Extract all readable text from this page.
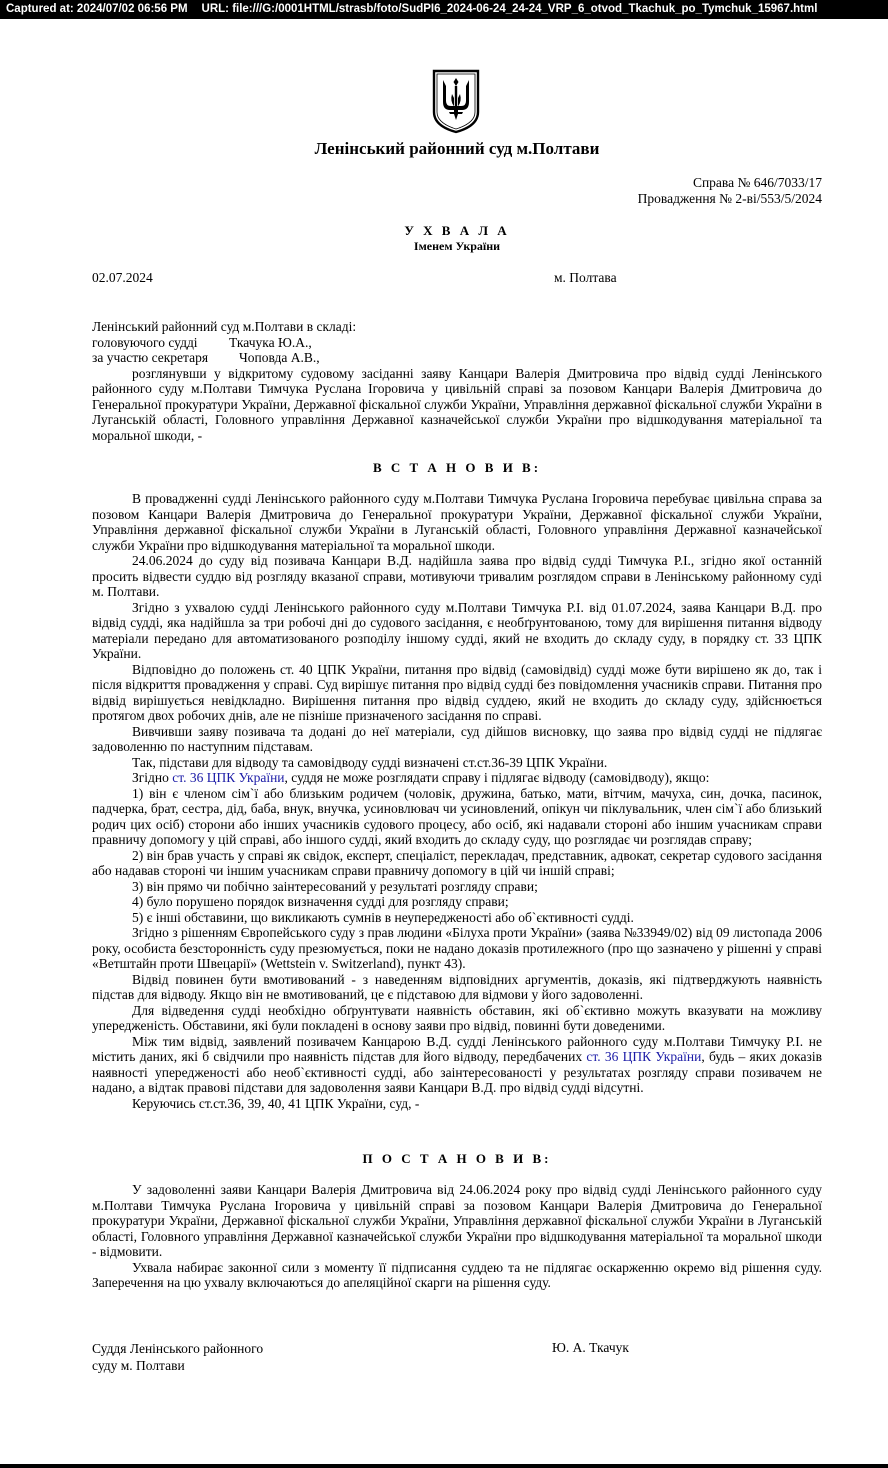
Captured at: 2024/07/02 06:56 PM URL: file:///G:/0001HTML/strasb/foto/SudPI6_2024-06-24_24-24_VRP_6_otvod_Tkachuk_po_Tymchuk_15967.html
Ленінський районний суд м.Полтави
Справа № 646/7033/17
Провадження № 2-ві/553/5/2024
У Х В А Л А
Іменем України
02.07.2024	м. Полтава

Ленінський районний суд м.Полтави в складі:

головуючого судді Ткачука Ю.А.,

за участю секретаря Чоповда А.В.,

розглянувши у відкритому судовому засіданні заяву Канцари Валерія Дмитровича про відвід судді Ленінського районного суду м.Полтави Тимчука Руслана Ігоровича у цивільній справі за позовом Канцари Валерія Дмитровича до Генеральної прокуратури України, Державної фіскальної служби України, Управління державної фіскальної служби України в Луганській області, Головного управління Державної казначейської служби України про відшкодування матеріальної та моральної шкоди, -

В С Т А Н О В И В:

В провадженні судді Ленінського районного суду м.Полтави Тимчука Руслана Ігоровича перебуває цивільна справа за позовом Канцари Валерія Дмитровича до Генеральної прокуратури України, Державної фіскальної служби України, Управління державної фіскальної служби України в Луганській області, Головного управління Державної казначейської служби України про відшкодування матеріальної та моральної шкоди.

24.06.2024 до суду від позивача Канцари В.Д. надійшла заява про відвід судді Тимчука Р.І., згідно якої останній просить відвести суддю від розгляду вказаної справи, мотивуючи тривалим розглядом справи в Ленінському районному суді м. Полтави.

Згідно з ухвалою судді Ленінського районного суду м.Полтави Тимчука Р.І. від 01.07.2024, заява Канцари В.Д. про відвід судді, яка надійшла за три робочі дні до судового засідання, є необґрунтованою, тому для вирішення питання відводу матеріали передано для автоматизованого розподілу іншому судді, який не входить до складу суду, в порядку ст. 33 ЦПК України.

Відповідно до положень ст. 40 ЦПК України, питання про відвід (самовідвід) судді може бути вирішено як до, так і після відкриття провадження у справі. Суд вирішує питання про відвід судді без повідомлення учасників справи. Питання про відвід вирішується невідкладно. Вирішення питання про відвід суддею, який не входить до складу суду, здійснюється протягом двох робочих днів, але не пізніше призначеного засідання по справі.

Вивчивши заяву позивача та додані до неї матеріали, суд дійшов висновку, що заява про відвід судді не підлягає задоволенню по наступним підставам.

Так, підстави для відводу та самовідводу судді визначені ст.ст.36-39 ЦПК України.

Згідно ст. 36 ЦПК України, суддя не може розглядати справу і підлягає відводу (самовідводу), якщо:

1) він є членом сім`ї або близьким родичем (чоловік, дружина, батько, мати, вітчим, мачуха, син, дочка, пасинок, падчерка, брат, сестра, дід, баба, внук, внучка, усиновлювач чи усиновлений, опікун чи піклувальник, член сім`ї або близький родич цих осіб) сторони або інших учасників судового процесу, або осіб, які надавали стороні або іншим учасникам справи правничу допомогу у цій справі, або іншого судді, який входить до складу суду, що розглядає чи розглядав справу;

2) він брав участь у справі як свідок, експерт, спеціаліст, перекладач, представник, адвокат, секретар судового засідання або надавав стороні чи іншим учасникам справи правничу допомогу в цій чи іншій справі;

3) він прямо чи побічно заінтересований у результаті розгляду справи;

4) було порушено порядок визначення судді для розгляду справи;

5) є інші обставини, що викликають сумнів в неупередженості або об`єктивності судді.

Згідно з рішенням Європейського суду з прав людини «Білуха проти України» (заява №33949/02) від 09 листопада 2006 року, особиста безсторонність суду презюмується, поки не надано доказів протилежного (про що зазначено у рішенні у справі «Ветштайн проти Швецарії» (Wettstein v. Switzerland), пункт 43).

Відвід повинен бути вмотивований - з наведенням відповідних аргументів, доказів, які підтверджують наявність підстав для відводу. Якщо він не вмотивований, це є підставою для відмови у його задоволенні.

Для відведення судді необхідно обґрунтувати наявність обставин, які об`єктивно можуть вказувати на можливу упередженість. Обставини, які були покладені в основу заяви про відвід, повинні бути доведеними.

Між тим відвід, заявлений позивачем Канцарою В.Д. судді Ленінського районного суду м.Полтави Тимчуку Р.І. не містить даних, які б свідчили про наявність підстав для його відводу, передбачених ст. 36 ЦПК України, будь – яких доказів наявності упередженості або необ`єктивності судді, або заінтересованості у результатах розгляду справи позивачем не надано, а відтак правові підстави для задоволення заяви Канцари В.Д. про відвід судді відсутні.

Керуючись ст.ст.36, 39, 40, 41 ЦПК України, суд, -

П О С Т А Н О В И В:

У задоволенні заяви Канцари Валерія Дмитровича від 24.06.2024 року про відвід судді Ленінського районного суду м.Полтави Тимчука Руслана Ігоровича у цивільній справі за позовом Канцари Валерія Дмитровича до Генеральної прокуратури України, Державної фіскальної служби України, Управління державної фіскальної служби України в Луганській області, Головного управління Державної казначейської служби України про відшкодування матеріальної та моральної шкоди - відмовити.

Ухвала набирає законної сили з моменту її підписання суддею та не підлягає оскарженню окремо від рішення суду. Заперечення на цю ухвалу включаються до апеляційної скарги на рішення суду.

Суддя Ленінського районного
суду м. Полтави
Ю. А. Ткачук
